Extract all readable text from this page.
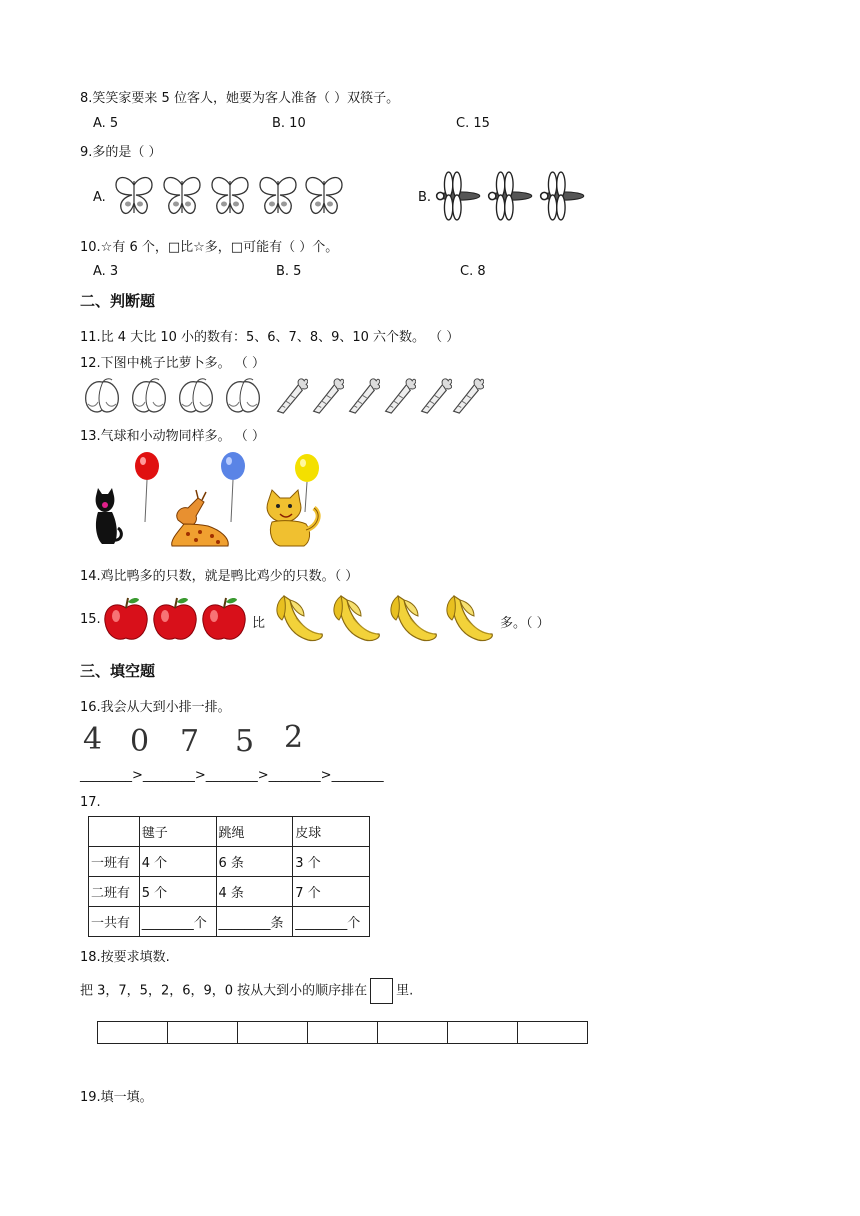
8.笑笑家要来 5 位客人，她要为客人准备（ ）双筷子。
A. 5	B. 10	C. 15
9.多的是（ ）
A.	B.
10.☆有 6 个，□比☆多，□可能有（ ）个。
A. 3	B. 5	C. 8
二、判断题
11.比 4 大比 10 小的数有：5、6、7、8、9、10 六个数。 （ ）
12.下图中桃子比萝卜多。 （ ）
13.气球和小动物同样多。 （ ）
14.鸡比鸭多的只数，就是鸭比鸡少的只数。（ ）
15.	比	多。（ ）
三、填空题
16.我会从大到小排一排。
4 0 7 5 2
________>________>________>________>________
17.
	毽子	跳绳	皮球
一班有	4 个	6 条	3 个
二班有	5 个	4 条	7 个
一共有	________个	________条	________个
18.按要求填数.
把 3，7，5，2，6，9，0 按从大到小的顺序排在 里.
19.填一填。
